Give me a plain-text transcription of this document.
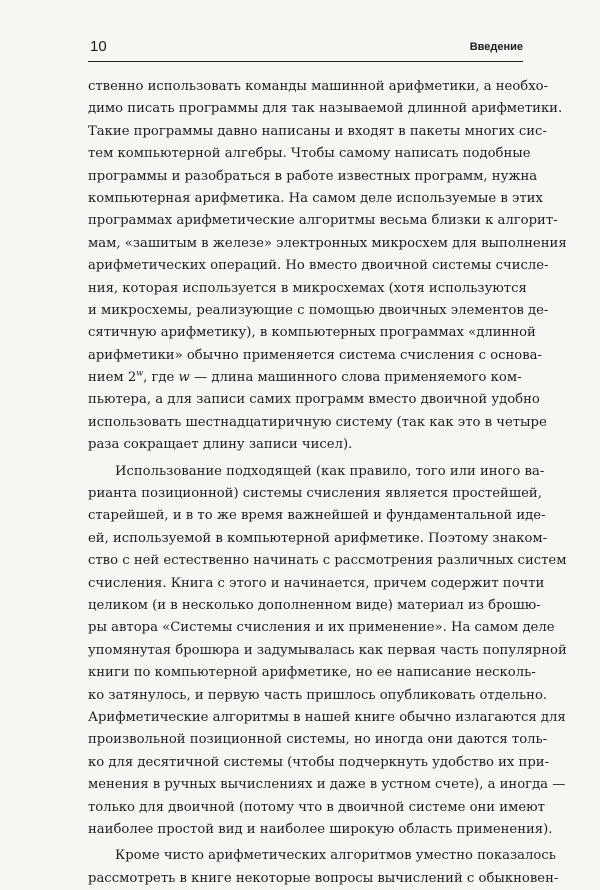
10	Введение
ственно использовать команды машинной арифметики, а необхо-
димо писать программы для так называемой длинной арифметики.
Такие программы давно написаны и входят в пакеты многих сис-
тем компьютерной алгебры. Чтобы самому написать подобные
программы и разобраться в работе известных программ, нужна
компьютерная арифметика. На самом деле используемые в этих
программах арифметические алгоритмы весьма близки к алгорит-
мам, «зашитым в железе» электронных микросхем для выполнения
арифметических операций. Но вместо двоичной системы счисле-
ния, которая используется в микросхемах (хотя используются
и микросхемы, реализующие с помощью двоичных элементов де-
сятичную арифметику), в компьютерных программах «длинной
арифметики» обычно применяется система счисления с основа-
нием 2$^w$, где w — длина машинного слова применяемого ком-
пьютера, а для записи самих программ вместо двоичной удобно
использовать шестнадцатиричную систему (так как это в четыре
раза сокращает длину записи чисел).
Использование подходящей (как правило, того или иного ва-
рианта позиционной) системы счисления является простейшей,
старейшей, и в то же время важнейшей и фундаментальной иде-
ей, используемой в компьютерной арифметике. Поэтому знаком-
ство с ней естественно начинать с рассмотрения различных систем
счисления. Книга с этого и начинается, причем содержит почти
целиком (и в несколько дополненном виде) материал из брошю-
ры автора «Системы счисления и их применение». На самом деле
упомянутая брошюра и задумывалась как первая часть популярной
книги по компьютерной арифметике, но ее написание несколь-
ко затянулось, и первую часть пришлось опубликовать отдельно.
Арифметические алгоритмы в нашей книге обычно излагаются для
произвольной позиционной системы, но иногда они даются толь-
ко для десятичной системы (чтобы подчеркнуть удобство их при-
менения в ручных вычислениях и даже в устном счете), а иногда —
только для двоичной (потому что в двоичной системе они имеют
наиболее простой вид и наиболее широкую область применения).
Кроме чисто арифметических алгоритмов уместно показалось
рассмотреть в книге некоторые вопросы вычислений с обыкновен-
